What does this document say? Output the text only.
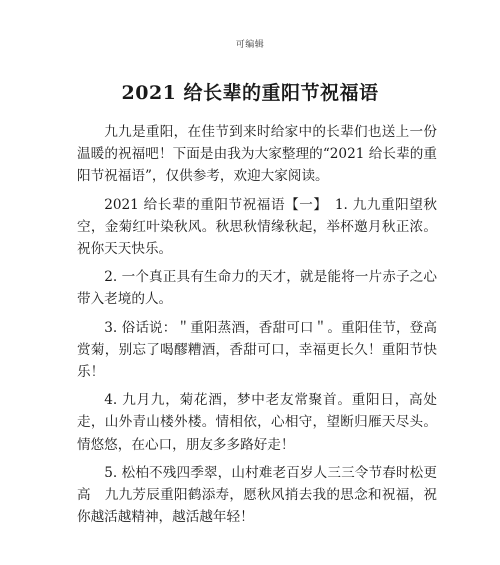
可编辑
2021 给长辈的重阳节祝福语

九九是重阳，在佳节到来时给家中的长辈们也送上一份温暖的祝福吧！下面是由我为大家整理的“2021 给长辈的重阳节祝福语”，仅供参考，欢迎大家阅读。

2021 给长辈的重阳节祝福语【一】　1. 九九重阳望秋空，金菊红叶染秋风。秋思秋情缘秋起，举杯邀月秋正浓。祝你天天快乐。

2. 一个真正具有生命力的天才，就是能将一片赤子之心带入老境的人。

3. 俗话说：＂重阳蒸酒，香甜可口＂。重阳佳节，登高赏菊，别忘了喝醪糟酒，香甜可口，幸福更长久！重阳节快乐！

4. 九月九，菊花酒，梦中老友常聚首。重阳日，高处走，山外青山楼外楼。情相依，心相守，望断归雁天尽头。情悠悠，在心口，朋友多多路好走！

5. 松柏不残四季翠，山村难老百岁人三三令节春时松更高　九九芳辰重阳鹤添寿，愿秋风捎去我的思念和祝福，祝你越活越精神，越活越年轻！
